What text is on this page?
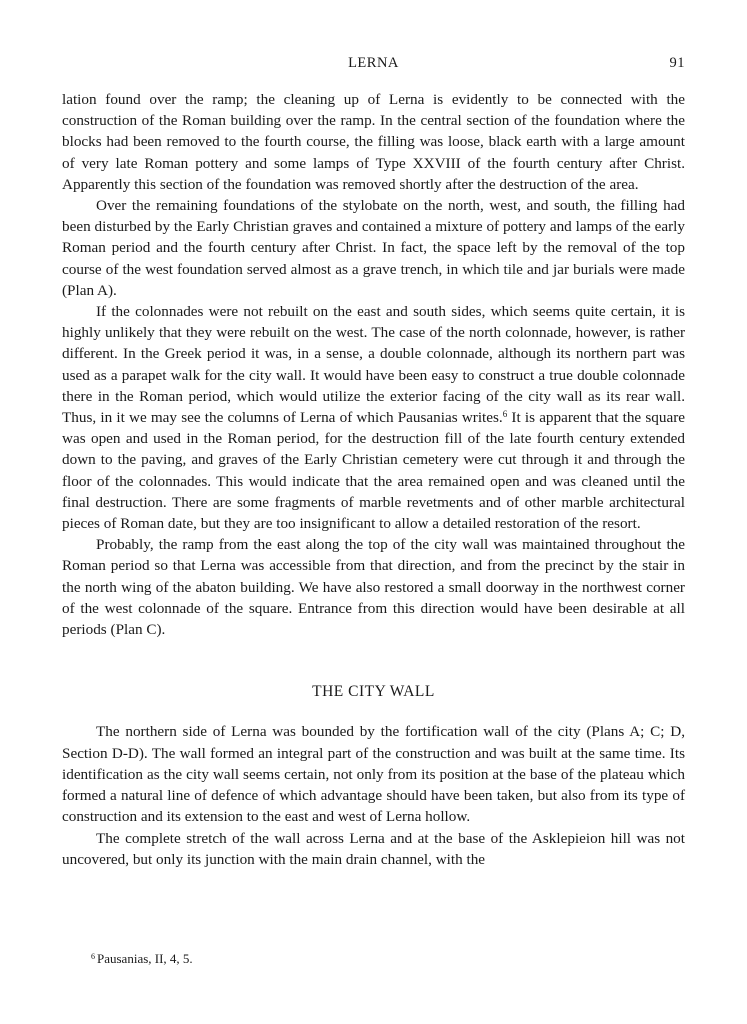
LERNA	91

lation found over the ramp; the cleaning up of Lerna is evidently to be connected with the construction of the Roman building over the ramp. In the central section of the foundation where the blocks had been removed to the fourth course, the filling was loose, black earth with a large amount of very late Roman pottery and some lamps of Type XXVIII of the fourth century after Christ. Apparently this section of the foundation was removed shortly after the destruction of the area.

Over the remaining foundations of the stylobate on the north, west, and south, the filling had been disturbed by the Early Christian graves and contained a mixture of pottery and lamps of the early Roman period and the fourth century after Christ. In fact, the space left by the removal of the top course of the west foundation served almost as a grave trench, in which tile and jar burials were made (Plan A).

If the colonnades were not rebuilt on the east and south sides, which seems quite certain, it is highly unlikely that they were rebuilt on the west. The case of the north colonnade, however, is rather different. In the Greek period it was, in a sense, a double colonnade, although its northern part was used as a parapet walk for the city wall. It would have been easy to construct a true double colonnade there in the Roman period, which would utilize the exterior facing of the city wall as its rear wall. Thus, in it we may see the columns of Lerna of which Pausanias writes.$^6$ It is apparent that the square was open and used in the Roman period, for the destruction fill of the late fourth century extended down to the paving, and graves of the Early Christian cemetery were cut through it and through the floor of the colonnades. This would indicate that the area remained open and was cleaned until the final destruction. There are some fragments of marble revetments and of other marble architectural pieces of Roman date, but they are too insignificant to allow a detailed restoration of the resort.

Probably, the ramp from the east along the top of the city wall was maintained throughout the Roman period so that Lerna was accessible from that direction, and from the precinct by the stair in the north wing of the abaton building. We have also restored a small doorway in the northwest corner of the west colonnade of the square. Entrance from this direction would have been desirable at all periods (Plan C).

THE CITY WALL

The northern side of Lerna was bounded by the fortification wall of the city (Plans A; C; D, Section D-D). The wall formed an integral part of the construction and was built at the same time. Its identification as the city wall seems certain, not only from its position at the base of the plateau which formed a natural line of defence of which advantage should have been taken, but also from its type of construction and its extension to the east and west of Lerna hollow.

The complete stretch of the wall across Lerna and at the base of the Asklepieion hill was not uncovered, but only its junction with the main drain channel, with the

$^6$ Pausanias, II, 4, 5.
